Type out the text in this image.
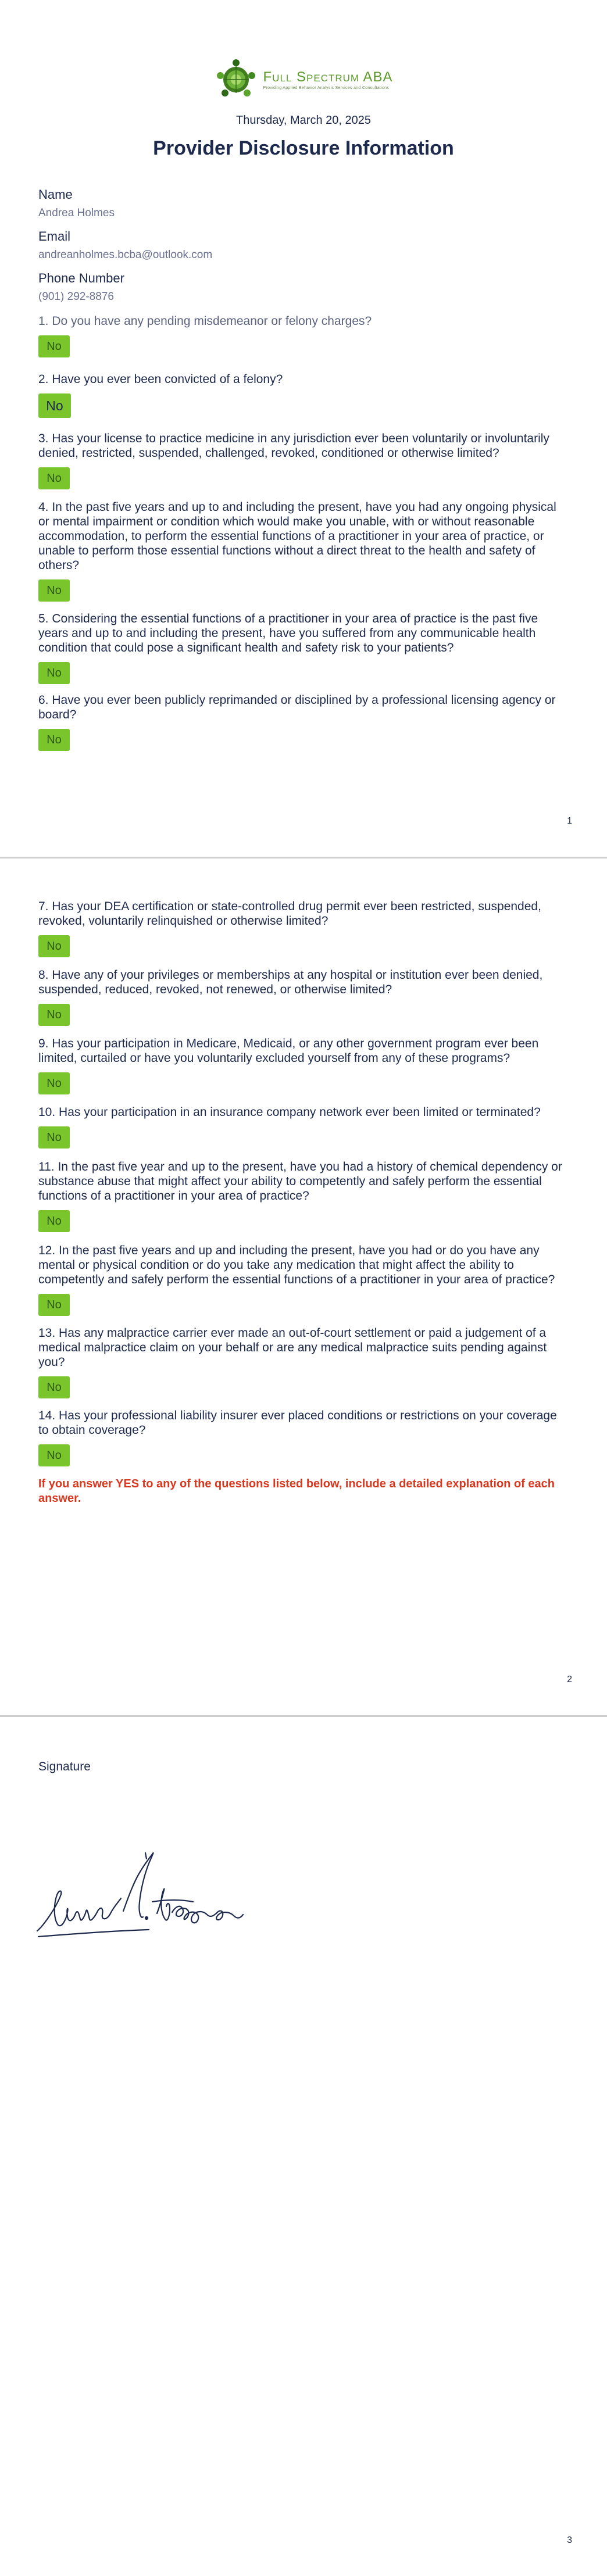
Full Spectrum ABA
Providing Applied Behavior Analysis Services and Consultations
Thursday, March 20, 2025
Provider Disclosure Information
Name
Andrea Holmes
Email
andreanholmes.bcba@outlook.com
Phone Number
(901) 292-8876
1. Do you have any pending misdemeanor or felony charges?
No
2. Have you ever been convicted of a felony?
No
3. Has your license to practice medicine in any jurisdiction ever been voluntarily or involuntarily denied, restricted, suspended, challenged, revoked, conditioned or otherwise limited?
No
4. In the past five years and up to and including the present, have you had any ongoing physical or mental impairment or condition which would make you unable, with or without reasonable accommodation, to perform the essential functions of a practitioner in your area of practice, or unable to perform those essential functions without a direct threat to the health and safety of others?
No
5. Considering the essential functions of a practitioner in your area of practice is the past five years and up to and including the present, have you suffered from any communicable health condition that could pose a significant health and safety risk to your patients?
No
6. Have you ever been publicly reprimanded or disciplined by a professional licensing agency or board?
No
1
7. Has your DEA certification or state-controlled drug permit ever been restricted, suspended, revoked, voluntarily relinquished or otherwise limited?
No
8. Have any of your privileges or memberships at any hospital or institution ever been denied, suspended, reduced, revoked, not renewed, or otherwise limited?
No
9. Has your participation in Medicare, Medicaid, or any other government program ever been limited, curtailed or have you voluntarily excluded yourself from any of these programs?
No
10. Has your participation in an insurance company network ever been limited or terminated?
No
11. In the past five year and up to the present, have you had a history of chemical dependency or substance abuse that might affect your ability to competently and safely perform the essential functions of a practitioner in your area of practice?
No
12. In the past five years and up and including the present, have you had or do you have any mental or physical condition or do you take any medication that might affect the ability to competently and safely perform the essential functions of a practitioner in your area of practice?
No
13. Has any malpractice carrier ever made an out-of-court settlement or paid a judgement of a medical malpractice claim on your behalf or are any medical malpractice suits pending against you?
No
14. Has your professional liability insurer ever placed conditions or restrictions on your coverage to obtain coverage?
No
If you answer YES to any of the questions listed below, include a detailed explanation of each answer.
2
Signature
3
